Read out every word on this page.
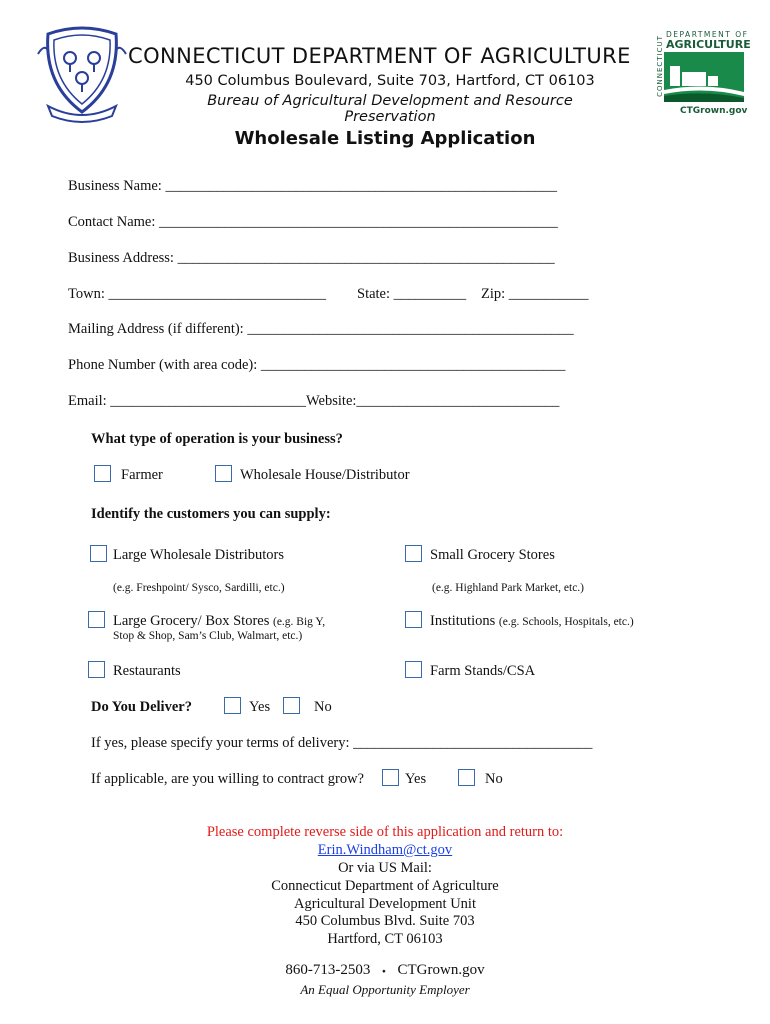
CONNECTICUT DEPARTMENT OF AGRICULTURE
450 Columbus Boulevard, Suite 703, Hartford, CT 06103
Bureau of Agricultural Development and Resource Preservation
CONNECTICUT
DEPARTMENT OF
AGRICULTURE
CTGrown.gov
Wholesale Listing Application
Business Name: ______________________________________________________
Contact Name: _______________________________________________________
Business Address: ____________________________________________________
Town: ______________________________ State: __________ Zip: ___________
Mailing Address (if different): _____________________________________________
Phone Number (with area code): __________________________________________
Email: ___________________________Website:____________________________
What type of operation is your business?
Farmer	Wholesale House/Distributor
Identify the customers you can supply:
Large Wholesale Distributors
(e.g. Freshpoint/ Sysco, Sardilli, etc.)
Small Grocery Stores
(e.g. Highland Park Market, etc.)
Large Grocery/ Box Stores (e.g. Big Y,
Stop & Shop, Sam’s Club, Walmart, etc.)
Institutions (e.g. Schools, Hospitals, etc.)
Restaurants	Farm Stands/CSA
Do You Deliver?	Yes	No
If yes, please specify your terms of delivery: _________________________________
If applicable, are you willing to contract grow?	Yes	No
Please complete reverse side of this application and return to:
Erin.Windham@ct.gov
Or via US Mail:
Connecticut Department of Agriculture
Agricultural Development Unit
450 Columbus Blvd. Suite 703
Hartford, CT 06103
860-713-2503 ⬩ CTGrown.gov
An Equal Opportunity Employer
